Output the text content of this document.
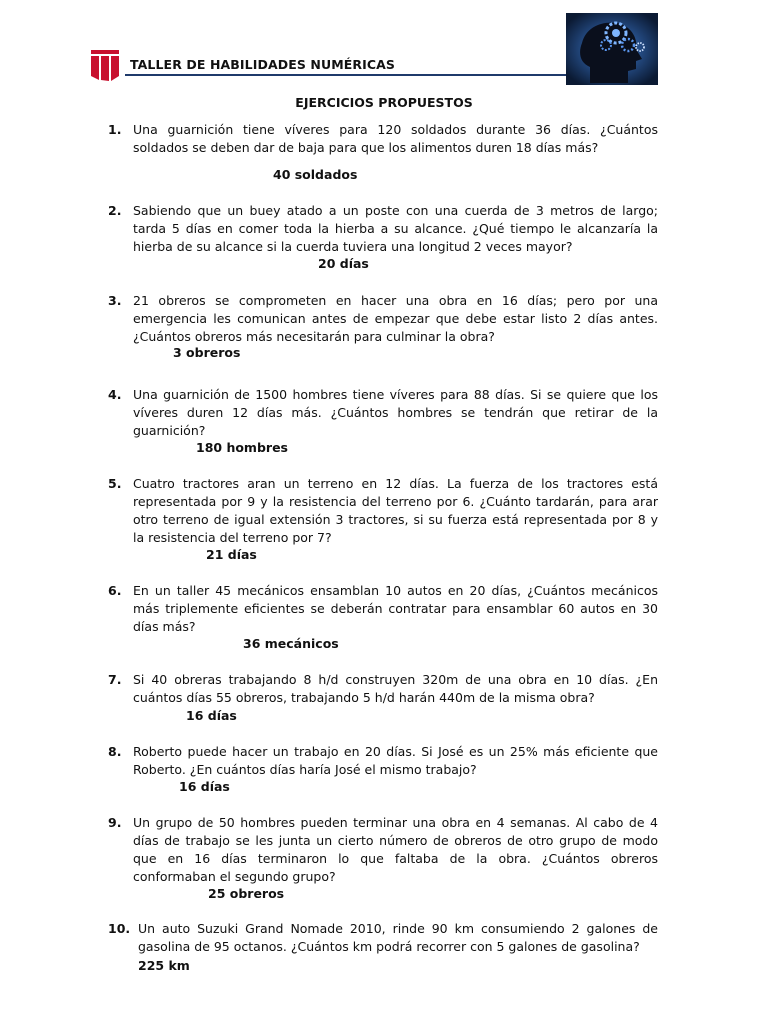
TALLER DE HABILIDADES NUMÉRICAS
EJERCICIOS PROPUESTOS
1. Una guarnición tiene víveres para 120 soldados durante 36 días. ¿Cuántos soldados se deben dar de baja para que los alimentos duren 18 días más?
40 soldados
2. Sabiendo que un buey atado a un poste con una cuerda de 3 metros de largo; tarda 5 días en comer toda la hierba a su alcance. ¿Qué tiempo le alcanzaría la hierba de su alcance si la cuerda tuviera una longitud 2 veces mayor?
20 días
3. 21 obreros se comprometen en hacer una obra en 16 días; pero por una emergencia les comunican antes de empezar que debe estar listo 2 días antes. ¿Cuántos obreros más necesitarán para culminar la obra?
3 obreros
4. Una guarnición de 1500 hombres tiene víveres para 88 días. Si se quiere que los víveres duren 12 días más. ¿Cuántos hombres se tendrán que retirar de la guarnición?
180 hombres
5. Cuatro tractores aran un terreno en 12 días. La fuerza de los tractores está representada por 9 y la resistencia del terreno por 6. ¿Cuánto tardarán, para arar otro terreno de igual extensión 3 tractores, si su fuerza está representada por 8 y la resistencia del terreno por 7?
21 días
6. En un taller 45 mecánicos ensamblan 10 autos en 20 días, ¿Cuántos mecánicos más triplemente eficientes se deberán contratar para ensamblar 60 autos en 30 días más?
36 mecánicos
7. Si 40 obreras trabajando 8 h/d construyen 320m de una obra en 10 días. ¿En cuántos días 55 obreros, trabajando 5 h/d harán 440m de la misma obra?
16 días
8. Roberto puede hacer un trabajo en 20 días. Si José es un 25% más eficiente que Roberto. ¿En cuántos días haría José el mismo trabajo?
16 días
9. Un grupo de 50 hombres pueden terminar una obra en 4 semanas. Al cabo de 4 días de trabajo se les junta un cierto número de obreros de otro grupo de modo que en 16 días terminaron lo que faltaba de la obra. ¿Cuántos obreros conformaban el segundo grupo?
25 obreros
10. Un auto Suzuki Grand Nomade 2010, rinde 90 km consumiendo 2 galones de gasolina de 95 octanos. ¿Cuántos km podrá recorrer con 5 galones de gasolina?
225 km
